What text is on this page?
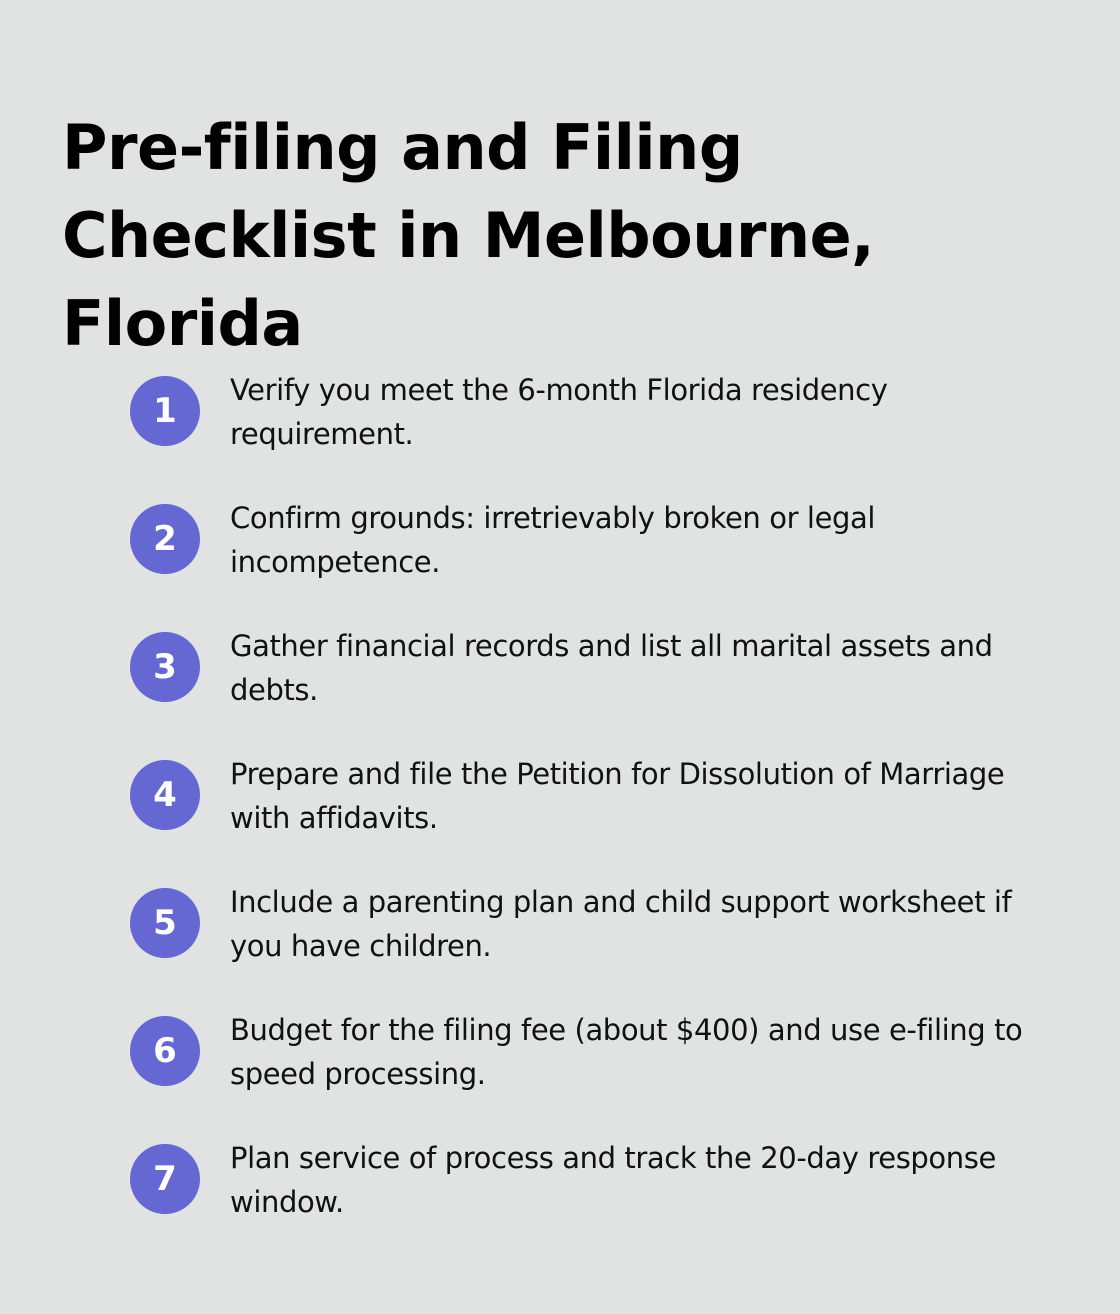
Pre-filing and Filing Checklist in Melbourne, Florida
1
Verify you meet the 6-month Florida residency requirement.
2
Confirm grounds: irretrievably broken or legal incompetence.
3
Gather financial records and list all marital assets and debts.
4
Prepare and file the Petition for Dissolution of Marriage with affidavits.
5
Include a parenting plan and child support worksheet if you have children.
6
Budget for the filing fee (about $400) and use e-filing to speed processing.
7
Plan service of process and track the 20-day response window.
